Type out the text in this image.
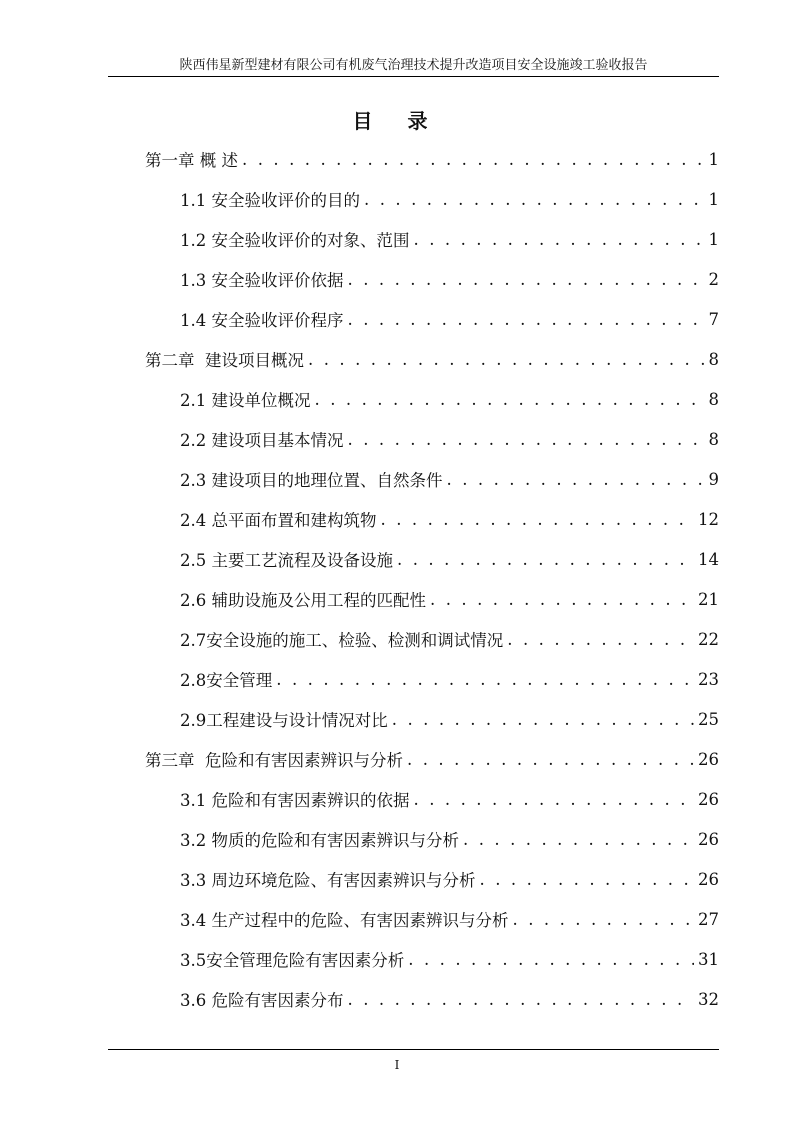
陕西伟星新型建材有限公司有机废气治理技术提升改造项目安全设施竣工验收报告
目 录
第一章 概 述 . . .	1
1.1 安全验收评价的目的 . . .	1
1.2 安全验收评价的对象、范围 . . .	1
1.3 安全验收评价依据 . . .	2
1.4 安全验收评价程序 . . .	7
第二章  建设项目概况 . . .	8
2.1 建设单位概况 . . .	8
2.2 建设项目基本情况 . . .	8
2.3 建设项目的地理位置、自然条件 . . .	9
2.4 总平面布置和建构筑物 . . .	12
2.5 主要工艺流程及设备设施 . . .	14
2.6 辅助设施及公用工程的匹配性 . . .	21
2.7安全设施的施工、检验、检测和调试情况 . . .	22
2.8安全管理 . . .	23
2.9工程建设与设计情况对比 . . .	25
第三章  危险和有害因素辨识与分析 . . .	26
3.1 危险和有害因素辨识的依据 . . .	26
3.2 物质的危险和有害因素辨识与分析 . . .	26
3.3 周边环境危险、有害因素辨识与分析 . . .	26
3.4 生产过程中的危险、有害因素辨识与分析 . . .	27
3.5安全管理危险有害因素分析 . . .	31
3.6 危险有害因素分布 . . .	32
I
